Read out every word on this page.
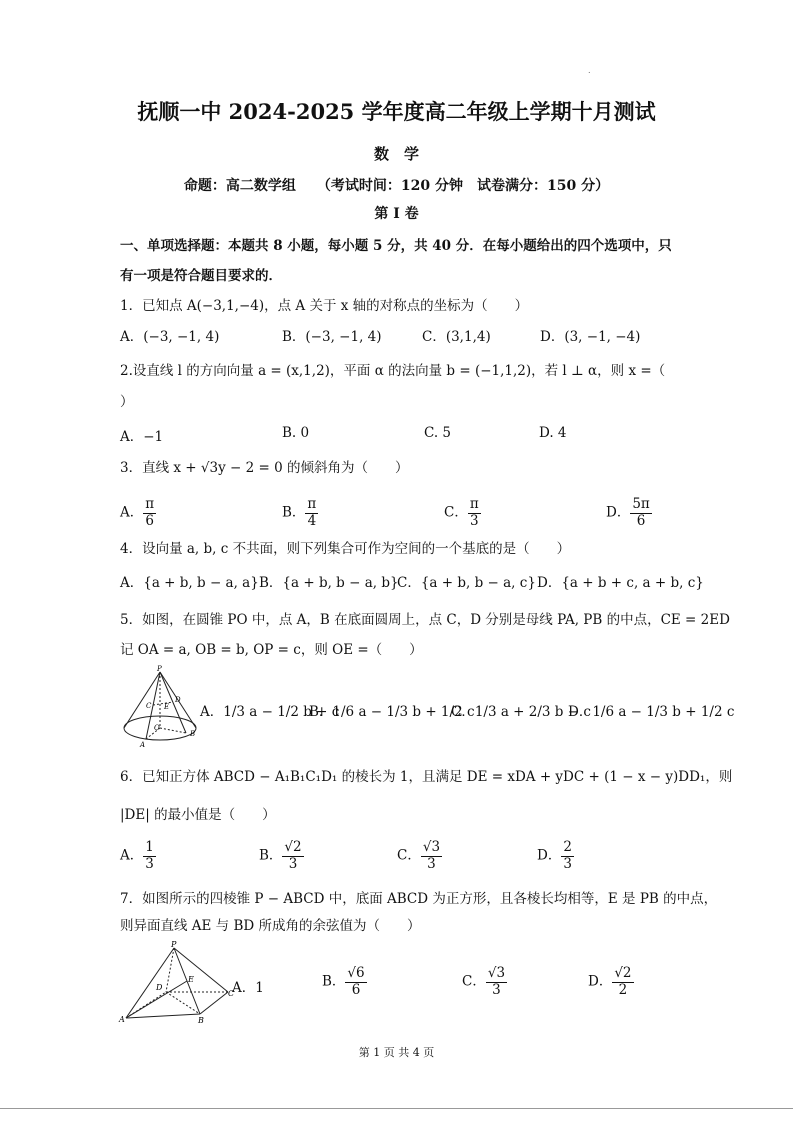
.
抚顺一中 2024-2025 学年度高二年级上学期十月测试
数　学
命题：高二数学组　　（考试时间：120 分钟　试卷满分：150 分）
第 I 卷
一、单项选择题：本题共 8 小题，每小题 5 分，共 40 分．在每小题给出的四个选项中，只
有一项是符合题目要求的．
1．已知点 A(−3,1,−4)，点 A 关于 x 轴的对称点的坐标为（　　）
A．(−3, −1, 4)	B．(−3, −1, 4)	C．(3,1,4)	D．(3, −1, −4)
2.设直线 l 的方向向量 a = (x,1,2)，平面 α 的法向量 b = (−1,1,2)，若 l ⊥ α，则 x =（
）
A．−1	B. 0	C. 5	D. 4
3．直线 x + √3y − 2 = 0 的倾斜角为（　　）
A． $\frac{\pi}{6}$	B． $\frac{\pi}{4}$	C． $\frac{\pi}{3}$	D． $\frac{5\pi}{6}$
4．设向量 a, b, c 不共面，则下列集合可作为空间的一个基底的是（　　）
A．{a + b, b − a, a} B．{a + b, b − a, b}
C．{a + b, b − a, c} D．{a + b + c, a + b, c}
5．如图，在圆锥 PO 中，点 A，B 在底面圆周上，点 C，D 分别是母线 PA, PB 的中点，CE = 2ED
记 OA = a, OB = b, OP = c，则 OE =（　　）
P
C
D
E
O
A
B
A．1/3 a − 1/2 b + c
B．1/6 a − 1/3 b + 1/2 c
C．1/3 a + 2/3 b − c
D．1/6 a − 1/3 b + 1/2 c
6．已知正方体 ABCD − A₁B₁C₁D₁ 的棱长为 1，且满足 DE = xDA + yDC + (1 − x − y)DD₁，则
|DE| 的最小值是（　　）
A． $\frac{1}{3}$	B． $\frac{√2}{3}$	C． $\frac{√3}{3}$	D． $\frac{2}{3}$
7．如图所示的四棱锥 P − ABCD 中，底面 ABCD 为正方形，且各棱长均相等，E 是 PB 的中点，
则异面直线 AE 与 BD 所成角的余弦值为（　　）
P
D
E
C
A	B
A．1	B． $\frac{√6}{6}$	C． $\frac{√3}{3}$	D． $\frac{√2}{2}$
第 1 页 共 4 页
